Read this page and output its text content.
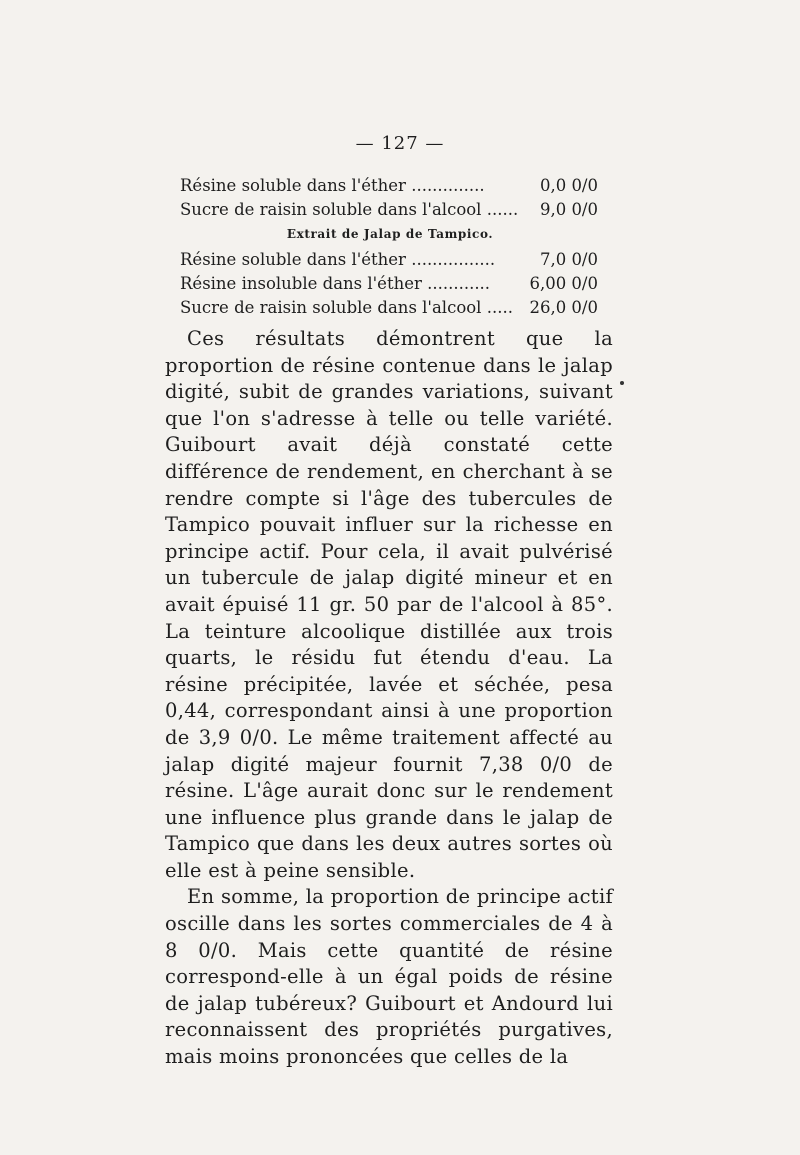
— 127 —
Résine soluble dans l'éther ..............	0,0 0/0
Sucre de raisin soluble dans l'alcool ...... 9,0 0/0
Extrait de Jalap de Tampico.
Résine soluble dans l'éther ................	7,0 0/0
Résine insoluble dans l'éther ............ 6,00 0/0
Sucre de raisin soluble dans l'alcool ..... 26,0 0/0

Ces résultats démontrent que la proportion de résine contenue dans le jalap digité, subit de grandes variations, suivant que l'on s'adresse à telle ou telle variété. Guibourt avait déjà constaté cette différence de rendement, en cherchant à se rendre compte si l'âge des tubercules de Tampico pouvait influer sur la richesse en principe actif. Pour cela, il avait pulvérisé un tubercule de jalap digité mineur et en avait épuisé 11 gr. 50 par de l'alcool à 85°. La teinture alcoolique distillée aux trois quarts, le résidu fut étendu d'eau. La résine précipitée, lavée et séchée, pesa 0,44, correspondant ainsi à une proportion de 3,9 0/0. Le même traitement affecté au jalap digité majeur fournit 7,38 0/0 de résine. L'âge aurait donc sur le rendement une influence plus grande dans le jalap de Tampico que dans les deux autres sortes où elle est à peine sensible.

En somme, la proportion de principe actif oscille dans les sortes commerciales de 4 à 8 0/0. Mais cette quantité de résine correspond-elle à un égal poids de résine de jalap tubéreux? Guibourt et Andourd lui reconnaissent des propriétés purgatives, mais moins prononcées que celles de la
